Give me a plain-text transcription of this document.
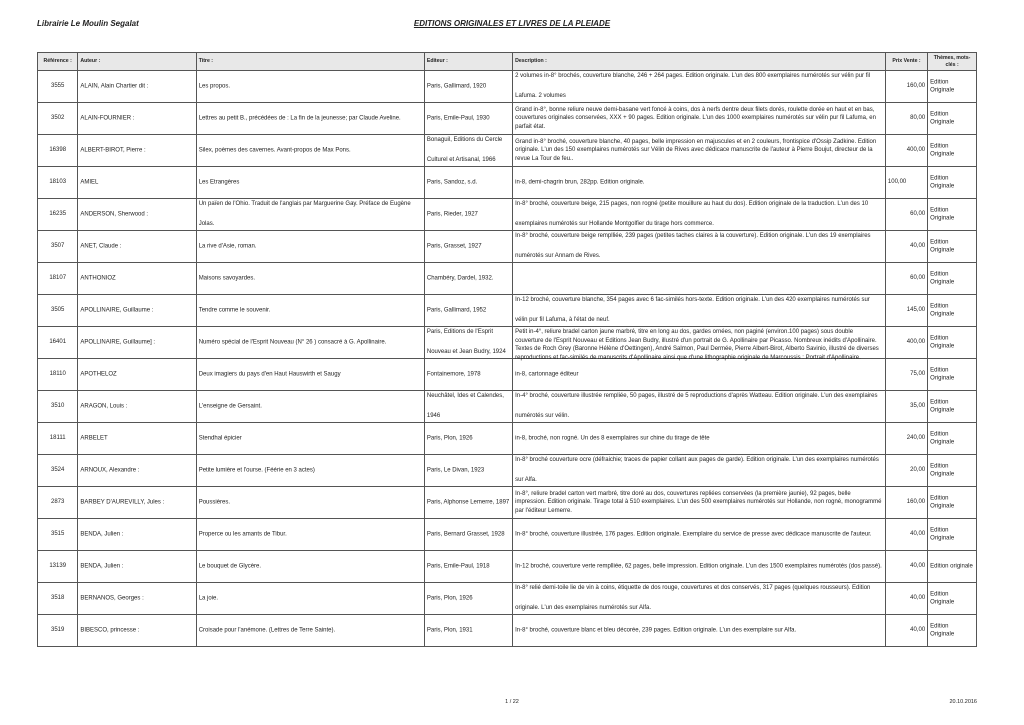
Librairie Le Moulin Segalat	EDITIONS ORIGINALES ET LIVRES DE LA PLEIADE
Référence :	Auteur :	Titre :	Editeur :	Description :	Prix Vente :	Thèmes, mots-clés :
3555	ALAIN, Alain Chartier dit :	Les propos.	Paris, Gallimard, 1920	2 volumes in-8° brochés, couverture blanche, 246 + 264 pages. Edition originale. L'un des 800 exemplaires numérotés sur vélin pur fil
Lafuma. 2 volumes	160,00	Edition Originale

3502	ALAIN-FOURNIER :	Lettres au petit B., précédées de : La fin de la jeunesse; par Claude Aveline.	Paris, Emile-Paul, 1930	Grand in-8°, bonne reliure neuve demi-basane vert foncé à coins, dos à nerfs dentre deux filets dorés, roulette dorée en haut et en bas, couvertures originales conservées, XXX + 90 pages. Edition originale. L'un des 1000 exemplaires numérotés sur vélin pur fil Lafuma, en parfait état.	80,00	Edition Originale

16398	ALBERT-BIROT, Pierre :	Silex, poèmes des cavernes. Avant-propos de Max Pons.	Bonaguil, Editions du Cercle
Culturel et Artisanal, 1966	Grand in-8° broché, couverture blanche, 40 pages, belle impression en majuscules et en 2 couleurs, frontispice d'Ossip Zadkine. Edition originale. L'un des 150 exemplaires numérotés sur Vélin de Rives avec dédicace manuscrite de l'auteur à Pierre Boujut, directeur de la revue La Tour de feu..	400,00	Edition Originale

18103	AMIEL	Les Etrangères	Paris, Sandoz, s.d.	in-8, demi-chagrin brun, 282pp. Edition originale.	100,00	Edition Originale

16235	ANDERSON, Sherwood :	Un païen de l'Ohio. Traduit de l'anglais par Marguerine Gay. Préface de Eugène
Jolas.	Paris, Rieder, 1927	In-8° broché, couverture beige, 215 pages, non rogné (petite mouillure au haut du dos). Edition originale de la traduction. L'un des 10
exemplaires numérotés sur Hollande Montgolfier du tirage hors commerce.	60,00	Edition Originale

3507	ANET, Claude :	La rive d'Asie, roman.	Paris, Grasset, 1927	In-8° broché, couverture beige remplliée, 239 pages (petites taches claires à la couverture). Edition originale. L'un des 19 exemplaires
numérotés sur Annam de Rives.	40,00	Edition Originale

18107	ANTHONIOZ	Maisons savoyardes.	Chambéry, Dardel, 1932.		60,00	Edition Originale

3505	APOLLINAIRE, Guillaume :	Tendre comme le souvenir.	Paris, Gallimard, 1952	In-12 broché, couverture blanche, 354 pages avec 6 fac-similés hors-texte. Edition originale. L'un des 420 exemplaires numérotés sur
vélin pur fil Lafuma, à l'état de neuf.	145,00	Edition Originale

16401	APOLLINAIRE, Guillaume] :	Numéro spécial de l'Esprit Nouveau (N° 26 ) consacré à G. Apollinaire.	Paris, Editions de l'Esprit
Nouveau et Jean Budry, 1924	Petit in-4°, reliure bradel carton jaune marbré, titre en long au dos, gardes ornées, non paginé (environ.100 pages) sous double couverture de l'Esprit Nouveau et Editions Jean Budry, illustré d'un portrait de G. Apollinaire par Picasso. Nombreux inédits d'Apollinaire. Textes de Roch Grey (Baronne Hélène d'Oettingen), André Salmon, Paul Dermée, Pierre Albert-Birot, Alberto Savinio, illustré de diverses reproductions et fac-similés de manuscrits d'Apollinaire ainsi que d'une lithographie originale de Marcoussis : Portrait d'Apollinaire.	400,00	Edition Originale

18110	APOTHELOZ	Deux imagiers du pays d'en Haut Hauswirth et Saugy	Fontainemore, 1978	in-8, cartonnage éditeur	75,00	Edition Originale

3510	ARAGON, Louis :	L'enseigne de Gersaint.	Neuchâtel, Ides et Calendes,
1946	In-4° broché, couverture illustrée rempliée, 50 pages, illustré de 5 reproductions d'après Watteau. Edition originale. L'un des exemplaires
numérotés sur vélin.	35,00	Edition Originale

18111	ARBELET	Stendhal épicier	Paris, Plon, 1926	in-8, broché, non rogné. Un des 8 exemplaires sur chine du tirage de tête	240,00	Edition Originale

3524	ARNOUX, Alexandre :	Petite lumière et l'ourse. (Féérie en 3 actes)	Paris, Le Divan, 1923	In-8° broché couverture ocre (défraichie; traces de papier collant aux pages de garde). Edition originale. L'un des exemplaires numérotés
sur Alfa.	20,00	Edition Originale

2873	BARBEY D'AUREVILLY, Jules :	Poussières.	Paris, Alphonse Lemerre, 1897	In-8°, reliure bradel carton vert marbré, titre doré au dos, couvertures repliées conservées (la première jaunie), 92 pages, belle impression. Edition originale. Tirage total à 510 exemplaires. L'un des 500 exemplaires numérotés sur Hollande, non rogné, monogrammé par l'éditeur Lemerre.	160,00	Edition Originale

3515	BENDA, Julien :	Properce ou les amants de Tibur.	Paris, Bernard Grasset, 1928	In-8° broché, couverture illustrée, 176 pages. Edition originale. Exemplaire du service de presse avec dédicace manuscrite de l'auteur.	40,00	Edition Originale

13139	BENDA, Julien :	Le bouquet de Glycère.	Paris, Emile-Paul, 1918	In-12 broché, couverture verte remplliée, 62 pages, belle impression. Edition originale. L'un des 1500 exemplaires numérotés (dos passé).	40,00	Edition originale

3518	BERNANOS, Georges :	La joie.	Paris, Plon, 1926	In-8° relié demi-toile lie de vin à coins, étiquette de dos rouge, couvertures et dos conservés, 317 pages (quelques rousseurs). Edition
originale. L'un des exemplaires numérotés sur Alfa.	40,00	Edition Originale

3519	BIBESCO, princesse :	Croisade pour l'anémone. (Lettres de Terre Sainte).	Paris, Plon, 1931	In-8° broché, couverture blanc et bleu décorée, 239 pages. Edition originale. L'un des exemplaire sur Alfa.	40,00	Edition Originale
1 / 22	20.10.2016
